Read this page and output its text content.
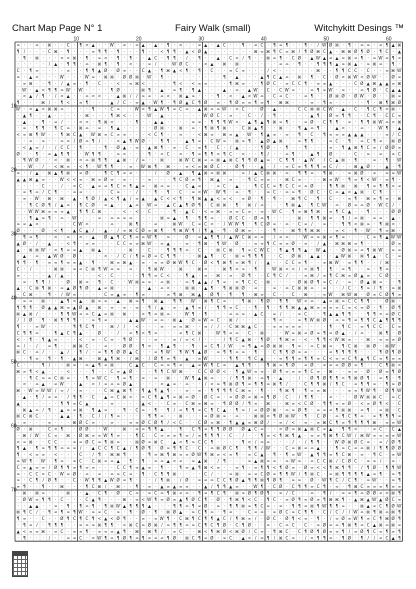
Chart Map Page N° 1	Fairy Walk (small)	Witchykitt Desings ™
10	20	30	40	50	60
10
20
30
40
50
60
70
∞ · · ∞ · ⌘ · · C · ¶ < ▲ · · Ⱳ · ∞ · ∞ ▲ · ▲ · ¶ · < · · ∞ ▲ · ▲ C · · ¶ · ∞ C · ¶ ∞ ¶ · · ¶ · / Ⱳ Ø ⌘ · ¶ · ∞ ∞ · ∞ ¶ ▲ ⌘
¶ / · · · C ⌘ · ¶ · · · ∞ ¶ ¶ · ¶ · · · ¶ · · < ¶ ¶ · ▲ < Ø ▲ · · · · · · · ⌘ ∞ ⌘ ¶ C ∞ ⌘ / ¶ Ø ⌘ C ▲ · ⌘ ⌘ Ø ¶ Ø · ¶ C · ▲
· ¶ · ⌘ · · · < < ⌘ · ¶ · ∞ < · ¶ · ¶ · · ▲ C · ¶ ¶ · / · ¶ · · ▲ · C < / ¶ · · ⌘ ∞ ¶ · C Ø · ▲ Ⱳ ▲ ∞ ▲ ∞ ⌘ ∞ ¶ · ∞ Ⱳ ∞ ¶ <
· · · · · / ▲ · ¶ ¶ · ∞ · ⌘ ¶ · ¶ · < · · ∞ / · · Ⱳ Ø C · · < ▲ · ⌘ · ⌘ · · · · · · ∞ ∞ · ¶ · · ¶ ¶ ¶ ▲ ∞ ⌘ ▲ · ∞ ⌘ ∞ · ¶ ·
C · ¶ ∞ · · · · ∞ · · ¶ ¶ ▲ Ø · Ø ∞ · · C ▲ · ¶ ⌘ ▲ < ¶ · ¶ · C · · ∞ C ∞ · · · / < · · · · · · ⌘ · · ¶ ¶ C C · C · · ∞ ⌘ Ⱳ
∞ · ▲ < · · · Ⱳ · · · Ⱳ ∞ · ⌘ ⌘ · Ø Ø ⌘ · Ⱳ · ¶ · · · · · · · · · ¶ · ▲ · · · ▲ ¶ C ▲ ∞ · ⌘ · ¶ · C · Ø < ⌘ Ⱳ < Ø Ⱳ · · Ø ∞
· ∞ ⌘ · · ¶ · / ▲ ∞ · ¶ · C · · < · ∞ ⌘ < · · · · ¶ < · < ∞ ∞ · · · ¶ ⌘ ∞ · · ¶ Ø C · ∞ C C ¶ · ∞ ∞ ▲ · · · C Ø ▲ ⌘ ▲ ▲ ∞ ⌘
· Ⱳ · ▲ < ¶ ¶ ∞ Ⱳ · Ⱳ · · · · ¶ Ø · · · ⌘ ¶ · ▲ · ∞ ¶ · ¶ ▲ · · · ▲ · ∞ · ▲ Ⱳ · C · C Ⱳ ∞ · · ∞ ¶ ∞ Ⱳ · ∞ · · ∞ ¶ Ø · C ▲ ▲
· < ▲ / ¶ · / < ▲ · · ∞ < < · · ▲ ⌘ / / ∞ ∞ · ∞ < · ⌘ ▲ ∞ · · · ¶ · < · ▲ < Ⱳ ∞ · C ∞ C · · ∞ ¶ · · Ø ⌘ Ø · Ø Ⱳ · Ø · · ⌘ ∞
¶ · · · ⌘ / · ¶ < · ∞ ¶ · · · ▲ / C · ∞ ▲ · Ⱳ ¶ · ¶ Ø ▲ C ¶ Ø · ∞ · ¶ Ø ∞ ∞ ¶ ∞ ¶ · ⌘ ⌘ · · · ∞ · ¶ ∞ · · · · · ¶ · ⌘ ¶ ⌘ Ø
Ⱳ · < ▲ < ⌘ ⌘ ∞ · · · · ¶ · · C ∞ · · Ⱳ < ¶ ▲ Ⱳ ¶ ∞ C ∞ · ▲ ⌘ ∞ ∞ Ⱳ · < C · · Ø · ▲ · · · C C ⌘ ⌘ C Ⱳ · ▲ · C · ¶ C ¶ < ⌘ ·
· ▲ ¶ · · ▲ · · · · · ⌘ · · · ¶ ⌘ < · · · Ⱳ · ▲ · · · · · · Ⱳ Ø C · ∞ · · C · / · ¶ · · · · · ▲ ¶ · Ø ∞ ¶ ¶ · · C ¶ · C C ∞
· ▲ · · ¶ · ∞ / · · < < · ¶ ⌘ < · · · ¶ · · ▲ ▲ · · · · ∞ ∞ · ¶ ¶ ¶ Ⱳ < · ▲ ¶ ▲ ¶ ⌘ ∞ ¶ · · ∞ Ø · C ¶ ¶ · ∞ · ¶ ¶ ⌘ Ⱳ ∞ < ⌘
· ∞ · ¶ ¶ · ¶ C ∞ · ⌘ ∞ · ∞ · ¶ ▲ · · · · · Ø ⌘ · · ⌘ · ∞ · ¶ ⌘ ¶ ⌘ · · C ⌘ ▲ ¶ · · ⌘ · · ¶ ▲ ∞ ¶ · · ▲ < · · ∞ · · Ⱳ ¶ · ▲
< ∞ ⌘ ¶ Ⱳ · · ¶ ⌘ C ▲ · Ⱳ ⌘ ∞ C ∞ ∞ · · · < C ¶ · · ∞ · · < ⌘ ∞ · ⌘ ∞ ▲ · Ⱳ · ¶ ▲ ∞ · ∞ · ¶ · C · ¶ ∞ ∞ ∞ ▲ ▲ ▲ · · · ∞ / C
· · ∞ · ∞ · · ∞ < / Ø ∞ ¶ / · · < ▲ ¶ Ⱳ Ø · · ¶ ¶ · · ▲ ¶ ∞ · C Ⱳ ∞ · ⌘ ∞ ¶ · ▲ Ø ▲ ⌘ · · ∞ ¶ ¶ · · ∞ C · ¶ · ∞ C ¶ ∞ · ⌘ Ø
· < ▲ ∞ / · / C C · ¶ · · · ¶ · Ø ▲ · ∞ · ▲ ⌘ ¶ · ∞ · C · ∞ ¶ · C · / ▲ · · · ¶ Ø · · ¶ · · ¶ · · · ∞ · ¶ ▲ ⌘ ¶ C ∞ / Ø Ø ∞
Ø · · ¶ · ∞ ▲ ¶ ¶ · · Ⱳ ¶ ¶ · · ∞ < · · · ¶ · < C · < · ¶ ∞ ¶ ¶ < ¶ C · < · · ¶ / · · ∞ ¶ · · ▲ ¶ · Ø · · · C · ∞ · ∞ · ∞ C
· ¶ Ⱳ Ø · · < · ⌘ · < ∞ ⌘ ¶ ¶ · ▲ ⌘ · / ∞ · · ⌘ · · ⌘ Ⱳ C ⌘ ∞ ∞ ⌘ ▲ ⌘ C ¶ ¶ Ø ▲ ∞ · C ¶ ¶ · ▲ Ⱳ · / C ▲ ⌘ · ¶ · · ∞ · ¶ · Ⱳ
· · Ⱳ · / · < ⌘ ∞ · < ¶ · Ⱳ ¶ ¶ · · ∞ · Ⱳ ⌘ ¶ · ⌘ · · ∞ < ∞ ⌘ Ø C · · Ø ¶ · · ▲ · / · ∞ C ∞ ¶ ¶ ¶ ∞ C / · · ⌘ ▲ Ø · · ▲ · ¶
∞ · / ▲ · ⌘ ▲ ¶ ⌘ · ∞ Ø · · ¶ C ¶ ∞ ∞ · · · / · Ø · ▲ · ¶ ▲ ⌘ ∞ ⌘ ⌘ · · ∞ / ▲ C ⌘ ⌘ · ∞ · ¶ ¶ ∞ · ¶ ⌘ · · ∞ ⌘ Ø · ∞ · ∞ ∞ Ⱳ
▲ ▲ ⌘ ▲ ∞ · · Ⱳ < < ∞ · ⌘ ∞ Ø ∞ · ∞ · · · ∞ · · · ¶ C Ø ∞ ¶ · ⌘ ▲ · ∞ · · ¶ C ∞ ∞ · · ⌘ C ∞ · · · ⌘ ∞ Ⱳ · ¶ ∞ ¶ < Ⱳ · ∞ ¶ ·
· · · · C · · / · < C · ▲ ∞ ∞ ¶ C < ¶ ▲ ∞ · ⌘ ∞ ∞ · · C ▲ ∞ · · ∞ C · ▲ · · ¶ C C ∞ ¶ C C < ∞ Ø · · ¶ ¶ ⌘ · ⌘ · ¶ ∞ ¶ ¶ < ∞
· ∞ ¶ ∞ / C ¶ · · ∞ ∞ · · · · C ∞ · · / · · ¶ · ¶ · C · ∞ < Ⱳ · Ⱳ ¶ · ∞ · ¶ · · ∞ C · ∞ ∞ ¶ · Ø C · C ∞ ▲ < ▲ ⌘ · C ¶ · · ·
· ∞ · Ⱳ · ⌘ · ⌘ · ▲ · ¶ Ø / ▲ < ¶ ▲ / ∞ ▲ · ▲ C < < ¶ · ¶ ⌘ ▲ ▲ < ∞ < · ∞ Ø · ¶ · ¶ · · ⌘ ¶ C · ¶ · C · · ∞ ¶ · ⌘ ∞ ¶ ∞ · ⌘
· · ¶ C Ø ¶ / ▲ ∞ · ¶ C Ø · ∞ ▲ · · ▲ ∞ · Ⱳ ∞ · ▲ C ▲ ¶ Ø ¶ · C ⌘ ⌘ · ¶ · ⌘ / ∞ · · · ¶ ⌘ ▲ · ¶ C Ⱳ · ∞ · Ø ∞ ∞ Ø · Ⱳ C / ·
· · Ⱳ Ⱳ ⌘ ∞ ∞ ∞ ▲ · ¶ ¶ C ⌘ · · · < · < · C · · · ¶ · ▲ C · < ∞ ⌘ · ∞ ∞ C ∞ · ∞ · Ⱳ C · ¶ ∞ ⌘ ¶ ⌘ · ∞ ¶ C ▲ · · ¶ · · · Ø Ø
· · ¶ ▲ ∞ ¶ · ∞ · Ⱳ · · · ∞ · ∞ ∞ ∞ ∞ · · · · ⌘ ∞ ▲ · ¶ · ¶ ¶ ∞ · · Ø C C · Ø ∞ ¶ · · · · ⌘ · ¶ ¶ ⌘ ∞ · ¶ / ∞ ⌘ · ∞ ∞ · ▲ ·
∞ ∞ ▲ < · · · · · C Ⱳ < · · · ∞ · · ⌘ ¶ · · ∞ · · ⌘ Ⱳ · C ∞ C < · / Ⱳ Ⱳ ¶ · ¶ C Ø ∞ · ∞ · C ∞ / · ∞ · · ¶ ¶ < ⌘ ∞ · ¶ ⌘ < ·
Ø · · · Ø · < ¶ · ▲ C ▲ / · ▲ · / ∞ ⌘ C Ø ∞ ⌘ ¶ · ¶ ⌘ Ⱳ ¶ / ¶ ▲ · ¶ · Ø ⌘ ∞ · · · ¶ · · ⌘ ¶ ¶ ⌘ ⌘ · · ∞ < · ¶ · Ⱳ · ¶ ∞ ⌘ ·
· ¶ ∞ ¶ · · < · ∞ · < · ▲ · Ø ▲ ¶ C ¶ ∞ ∞ Ⱳ ¶ · ∞ · · Ø · ∞ ▲ ¶ ¶ / ▲ Ⱳ C ⌘ ∞ ∞ · / ∞ ∞ · · Ⱳ ∞ ∞ ⌘ ∞ ¶ ∞ · · · C ∞ ¶ ▲ Ⱳ Ⱳ
▲ Ø · / · ▲ · · < ¶ · ∞ ∞ · · · C C ∞ ∞ ⌘ Ⱳ · ∞ ▲ · · ∞ · ¶ ⌘ · ¶ Ⱳ · Ø · · ∞ ∞ ¶ C ∞ ∞ Ø · ∞ · / ▲ · ⌘ ⌘ ⌘ ∞ ¶ · · · · Ø ∞
▲ · ⌘ ⌘ Ⱳ · < ¶ ∞ ∞ ▲ · ⌘ ▲ · · · · ⌘ · · C · · ¶ ¶ ¶ ∞ · C · · ⌘ C ⌘ · ¶ ∞ C Ⱳ C · ¶ ▲ ¶ ¶ ▲ · Ⱳ ▲ · · Ø ⌘ ∞ ∞ ¶ ⌘ Ⱳ · ∞ ∞
· ▲ · ∞ · ▲ Ⱳ Ø · Ø · · · · < · / C / ¶ ∞ Ø ∞ C ¶ ¶ · · · ⌘ ▲ ¶ · C · ⌘ ∞ ¶ ¶ ¶ · · C · Ø ⌘ · ▲ ▲ · · ▲ Ⱳ ⌘ · ⌘ ¶ ▲ · C · ∞
¶ ¶ · ¶ · ∞ ∞ ¶ ∞ ∞ ▲ · ¶ · · ⌘ ∞ ⌘ ▲ · ∞ · ∞ ∞ Ø ⌘ Ⱳ ¶ C · Ø < ¶ ⌘ ¶ ∞ ⌘ ¶ / · ▲ · · C C ∞ ¶ · · ∞ ⌘ Ⱳ · ∞ ¶ ¶ · · / ⌘ · ·
C · / · · · ⌘ ⌘ · ∞ ∞ C ⌘ ¶ Ⱳ ∞ ∞ · ∞ · · ¶ ⌘ Ⱳ · · ⌘ · · ⌘ < · · ⌘ ¶ < ∞ · ¶ · · Ⱳ ⌘ < < / < ⌘ ¶ · ¶ · ∞ ¶ · · ∞ · ¶ ∞ · ·
∞ · · · · ▲ / ▲ · · · · · < · C · · · · ¶ ¶ ∞ C < · · ¶ ▲ · ∞ · ⌘ · ∞ · Ø ¶ · · C ¶ C / · · ∞ ⌘ / ∞ ¶ C ⌘ ∞ Ø ▲ ∞ · C Ø · ·
· ∞ · ¶ ¶ / · · Ø · ⌘ ∞ · ¶ · C · · Ⱳ ⌘ ∞ ∞ · ∞ ⌘ · · ∞ ¶ ▲ ▲ / ¶ ∞ · < ¶ C C · ⌘ · · · · Ø ⌘ Ø ¶ ∞ C / · ∞ · Ø ▲ ⌘ ∞ · · ¶
▲ · C ⌘ ¶ ⌘ · ∞ ▲ Ø ¶ Ø · ▲ ∞ ⌘ · · · · · ▲ · ∞ < · · ⌘ ⌘ · ▲ ¶ · ¶ ⌘ ⌘ Ø · ∞ · · ∞ · ∞ C ⌘ ⌘ ∞ · ∞ · · / C · ¶ ∞ / ¶ · ∞ ⌘
· C ⌘ · · ¶ · / Ⱳ ∞ · · · · C ∞ ▲ ∞ · ¶ ∞ · · · ∞ ¶ ⌘ · ⌘ ▲ · Ø ¶ · ¶ · ¶ · ⌘ ∞ · C · · C · ⌘ · · ∞ Ⱳ · ⌘ Ⱳ ⌘ · Ø ∞ C Ø ¶ ∞
· ∞ ∞ · ⌘ · · ▲ ¶ < ▲ · ⌘ ∞ ∞ · ▲ · ⌘ ∞ ¶ · ⌘ ▲ · ¶ ¶ · Ⱳ · ⌘ ¶ C ∞ · · ¶ ⌘ · ¶ Ø · ¶ ¶ · Ⱳ < ∞ · ▲ ∞ ⌘ ∞ C C ¶ ¶ · · Ø ⌘ ·
¶ ¶ ¶ · Ø ▲ ▲ ⌘ ∞ ▲ Ø ▲ · ⌘ · ∞ · ∞ · ∞ · ¶ / ▲ · ∞ · ▲ ¶ ∞ / · ¶ ¶ ∞ C · · ¶ · ¶ · ¶ ¶ ⌘ ▲ ▲ ⌘ ∞ ∞ ∞ ∞ C ∞ < ∞ Ø · ¶ · Ø ¶
⌘ ▲ ⌘ / · · · ¶ ¶ Ⱳ ∞ ∞ C ▲ ∞ ⌘ · ⌘ · · < ¶ ∞ ⌘ ∞ · · Ⱳ ¶ · ¶ · · · ∞ ∞ ∞ · ▲ C · ∞ / · · ∞ C · · ¶ ▲ ▲ ¶ ¶ · · ¶ ¶ < ∞ Ø C
/ / Ø · ¶ · ⌘ ¶ ¶ ¶ · · ∞ ¶ ∞ · · · ▲ ▲ Ⱳ · ∞ ∞ · ⌘ ▲ · Ø ∞ Ⱳ ∞ C · ⌘ / · · · · · ¶ < · · ∞ ¶ Ⱳ ⌘ Ø · ∞ ∞ ¶ ∞ ¶ ¶ C ▲ ¶ ¶ ¶
¶ · · ∞ Ⱳ · · · · ¶ ¶ C ¶ · · ⌘ / / · < · · · ∞ · ∞ ∞ ⌘ · · ∞ / / · C ⌘ ⌘ ▲ C · · ∞ ∞ ∞ ∞ ∞ · · · · ¶ · ¶ C · ∞ ¶ C C · C ∞
C ¶ ¶ ∞ · · ¶ ▲ C ¶ ▲ · · Ø · · / · ∞ ¶ < ¶ ∞ · · · ∞ ¶ C ⌘ · · Ⱳ ¶ ∞ ∞ · C · ⌘ · · · Ⱳ ∞ ⌘ ∞ Ø ∞ ¶ ∞ Ø ▲ · / ∞ · · ⌘ ¶ · Ø
< · ¶ · ¶ ▲ ∞ · · · < · ∞ · C ∞ · ¶ Ø · · · ∞ · · ∞ / ∞ < / · · · / ¶ C ▲ ⌘ · ¶ Ø · ¶ ⌘ ∞ · < · ¶ ¶ < Ⱳ ⌘ ∞ · · ⌘ · ∞ ∞ ∞ Ø
∞ / · / · ∞ ¶ · · ⌘ ⌘ C · · ∞ · · Ø Ø · ¶ < · ¶ ▲ ¶ · · ¶ · ∞ C ¶ / Ⱳ · ∞ ¶ ▲ ∞ Ø ⌘ ⌘ · ¶ ∞ · ∞ C ⌘ ∞ · ¶ C ⌘ · ⌘ Ø · ⌘ Ⱳ ·
⌘ C · ∞ / · · ▲ / · ¶ / · ∞ ¶ ¶ Ø Ø ▲ C · · ∞ ¶ Ⱳ · ¶ Ⱳ ¶ ▲ Ø · ∞ ¶ ¶ ∞ ∞ · ¶ · · C ¶ ¶ Ø ∞ ∞ · · · ∞ ¶ ¶ ¶ ¶ · · · ¶ Ø ¶ Ø
· · ¶ ∞ · ¶ · ¶ · ▲ ⌘ · · ⌘ ▲ ¶ ⌘ · / ⌘ · / Ø ¶ ∞ ¶ · ▲ · ∞ Ⱳ · · · ¶ ¶ · ¶ C ▲ · · ∞ ¶ ¶ ∞ ¶ ¶ ∞ C < ∞ ∞ C ¶ ▲ ¶ C ∞ ¶ ∞ ∞
C · · · ¶ / · · ⌘ ∞ · ∞ ▲ ¶ ∞ ⌘ · · C ▲ C · C ∞ ∞ ¶ ∞ · ▲ ∞ Ⱳ ¶ C ∞ · ▲ ¶ ¶ · · ¶ ⌘ ∞ ¶ Ø · ∞ Ø · ∞ ∞ ∞ Ø Ø ∞ ¶ · · C ¶ ⌘ <
⌘ ∞ ¶ < ▲ · · · < · · · ¶ · · C ∞ ▲ Ø · · · ¶ ¶ C Ⱳ ⌘ · · C C Ø Ø < · ¶ ▲ Ⱳ ∞ ∞ · Ø ¶ ∞ ∞ ∞ ¶ C ∞ · ⌘ · · ∞ ∞ · Ø · Ø ∞ ¶ Ø
· · ¶ C ∞ ∞ C ⌘ ∞ · · ¶ ∞ Ⱳ C · ¶ ∞ ¶ · ∞ · ∞ · ⌘ · · Ⱳ ¶ ▲ ⌘ ∞ · · / ¶ ¶ ⌘ · ∞ ¶ · ▲ · · / · Ø ¶ Ø ¶ ¶ < ¶ ⌘ Ø ¶ · ∞ ¶ · ¶
· < · ∞ ▲ · ∞ Ⱳ · · ▲ · < / ∞ ∞ ∞ Ø ▲ · · · · < ▲ ∞ · ∞ · · / < ∞ ¶ ⌘ Ø ¶ ∞ ¶ ¶ ∞ ⌘ ¶ / · · C ¶ ¶ ⌘ / ¶ C · ∞ ¶ ¶ ∞ · ¶ ∞ Ø
⌘ · Ⱳ ∞ Ⱳ Ⱳ / ∞ / · ∞ · · · C ⌘ ▲ ⌘ ¶ · ¶ ▲ ¶ ▲ ¶ · · ∞ · ∞ · ¶ ¶ ¶ ¶ C ⌘ ∞ · ¶ · · ¶ ⌘ ¶ · ¶ ∞ ∞ ⌘ · · · ∞ ∞ ¶ Ⱳ ¶ · Ø ¶ Ⱳ
· ▲ · ¶ / ∞ ∞ · / ¶ ¶ · C · ▲ ∞ C ⌘ < · < C ¶ ▲ ¶ ∞ ⌘ ∞ Ø · Ø C ∞ · ∞ Ø Ø ∞ ⌘ ∞ ¶ Ø · C · / ¶ ¶ · · ∞ · · · Ø Ⱳ ⌘ ⌘ C · ∞ C
▲ · · · · · · ¶ ¶ ∞ C ▲ · · · ∞ · · · · ▲ < · · C ∞ · C ⌘ ∞ ⌘ ∞ · ¶ Ø Ø / ¶ ∞ · ⌘ · · ⌘ ∞ < C Ø · ¶ ¶ ∞ ∞ Ø · < ∞ Ø ¶ < · C
· ⌘ ▲ ∞ / ¶ · ▲ ∞ ∞ ⌘ · ¶ ▲ ∞ · · ¶ · C ∞ · ¶ · ¶ / ∞ ¶ ¶ ∞ C ¶ C ▲ · ¶ ∞ / ∞ Ø Ø ⌘ · ∞ ∞ Ø ¶ · ∞ ∞ ∞ ¶ ⌘ ⌘ · ∞ ¶ · ∞ ⌘ · C
⌘ C ⌘ C · · · ▲ ▲ · ¶ · C / / ¶ ∞ · · · · ¶ ¶ ∞ · · ⌘ · · · ∞ Ø ⌘ ∞ · ∞ · · ⌘ ⌘ < ¶ Ø ⌘ Ⱳ · ¶ · C Ø · ∞ ¶ C ¶ ∞ · ∞ ¶ ¶ ¶ ∞
· ∞ · · · ∞ · · · ⌘ Ø C ∞ · · ∞ · · ∞ ∞ Ø C Ø ¶ / < C · · C Ø ∞ ⌘ · ¶ ▲ ▲ ∞ ⌘ Ø / · ∞ / < · ∞ · ∞ ⌘ C ¶ ∞ ¶ ¶ ¶ ¶ ⌘ · ∞ ∞ Ⱳ
Ø · ⌘ · · C < ¶ · · Ø Ø · · Ⱳ · · ⌘ · ∞ ∞ ¶ ¶ ▲ · · ¶ · C ¶ ∞ ¶ ¶ Ø Ø · Ø ▲ C ∞ · · < Ø ∞ ⌘ ▲ ⌘ C ∞ ▲ · ¶ ¶ < · · ∞ C · C ▲
· ⌘ / Ⱳ · C ∞ · ⌘ · Ø ⌘ ∞ ∞ Ⱳ ¶ ∞ · · ¶ C · C ∞ ∞ ∞ ¶ ∞ / ∞ ¶ ¶ ¶ · C · / · · ¶ ∞ < ¶ ⌘ ¶ ▲ · ∞ ∞ ¶ ⌘ ¶ C Ⱳ / ⌘ Ⱳ ∞ ∞ ∞ ∞ Ⱳ
< ∞ ⌘ · · C C · · ∞ ∞ Ø C ∞ ¶ ⌘ ∞ · · ⌘ Ø ∞ ⌘ C · ▲ < ¶ ∞ C C ¶ · · · · ¶ < / ∞ ∞ · · · / · / ¶ ¶ · · Ⱳ Ø ⌘ Ø C ∞ · ∞ / Ø ¶
¶ ▲ · ¶ ∞ ¶ ¶ ∞ ∞ ∞ / · ▲ C C ¶ C ▲ / ¶ Ø ¶ · Ø ∞ ¶ ¶ C · C · ∞ ⌘ Ø C ¶ · ¶ ¶ / Ⱳ · · C ∞ ⌘ ∞ ∞ ▲ · · ¶ ∞ C ∞ ∞ ⌘ / ¶ ¶ Ø Ø
¶ · < ∞ ∞ · < · · · C · / ¶ · ⌘ ⌘ ¶ · · · ¶ ∞ ⌘ ¶ ⌘ ∞ ∞ Ø Ⱳ ¶ ⌘ ∞ < ∞ ¶ · ∞ C ▲ · ¶ · ¶ ∞ Ⱳ · ▲ ¶ ¶ ∞ ¶ C ⌘ · ∞ · ¶ C · ∞ Ⱳ
∞ Ⱳ ¶ · Ⱳ · ¶ ∞ · ∞ C · C ⌘ ∞ ∞ ▲ · ¶ · ¶ · ∞ ∞ ▲ < ∞ · ∞ ▲ ⌘ · / ¶ · · · ∞ ▲ ⌘ ∞ ∞ · ∞ Ⱳ ∞ · ∞ C C ⌘ / C Ø C · ∞ ∞ / · ∞ ·
C ∞ ▲ ∞ ∞ / Ø ¶ ¶ ∞ ¶ ∞ ∞ · · · C C ¶ ∞ ▲ ∞ · ¶ · · ¶ ∞ ▲ ¶ ⌘ < ∞ · · ∞ ¶ · ∞ ¶ ¶ < ¶ Ø ∞ · Ø ∞ < < ¶ ⌘ ¶ ¶ · / ¶ Ø · ¶ ¶ Ⱳ
∞ · C C < C · Ⱳ ∞ Ø · ∞ · ∞ · ∞ ∞ C ∞ · ¶ · C ¶ ¶ ⌘ · · · · C / · · ∞ ⌘ · ∞ ∞ C Ø ∞ ¶ ¶ Ⱳ / ¶ ⌘ C · ∞ ⌘ ¶ ¶ ¶ ¶ ▲ ∞ ¶ · ∞ ¶
∞ · C ¶ / Ø ¶ · · C · Ⱳ ¶ ¶ ▲ Ⱳ Ø ∞ ¶ · · · / ¶ ⌘ · / Ø · ∞ ∞ ∞ C C ¶ Ø ▲ ¶ ¶ ⌘ ¶ Ø ¶ · ∞ ∞ · Ø · Ⱳ ¶ C / C ¶ · ∞ Ⱳ · · ∞ ¶
∞ ¶ · · ¶ · · ⌘ · · · ¶ C ⌘ / · ⌘ · · ¶ · ∞ · ▲ ∞ ▲ ∞ ∞ · · ▲ / ¶ ¶ ▲ ∞ · · Ⱳ ¶ · C Ø · C ¶ ¶ ∞ C ¶ · ∞ · ¶ ⌘ C ∞ ∞ ∞ ¶ ∞ ∞
· ⌘ · ⌘ ∞ · · · ⌘ · · ▲ · C ¶ · Ø · C ∞ · ∞ C ∞ ¶ ⌘ ∞ ∞ · ¶ ∞ ¶ C ¶ · ⌘ ∞ Ø ¶ Ø ¶ · ∞ / C · · ∞ · ¶ / · ∞ ∞ ¶ ∞ Ø Ø ∞ < ⌘ ¶
· Ø Ⱳ ∞ ¶ ¶ · C · · · C ▲ ¶ · · · ⌘ · ∞ < Ⱳ ¶ ∞ Ø ∞ ▲ ¶ Ø C ¶ · Ø · ¶ ⌘ ¶ < C · ¶ C · ∞ Ø ¶ ∞ Ø ∞ ¶ ⌘ ⌘ ¶ · ▲ ⌘ ▲ Ⱳ ▲ Ø C ∞
· · ▲ ▲ · · ∞ · ¶ · ¶ ∞ ¶ · ¶ ⌘ Ⱳ ▲ ¶ ¶ ¶ ▲ · · · ¶ ¶ ∞ ¶ ∞ Ø · ∞ · ¶ ¶ ⌘ ∞ ¶ C ∞ · ∞ · ¶ ¶ ∞ ⌘ ¶ Ⱳ ¶ ¶ ∞ · · ⌘ ▲ ∞ C ¶ Ø Ⱳ
⌘ ¶ C / · ¶ ∞ ¶ ∞ ¶ Ⱳ · ∞ ∞ C · ∞ · ¶ · Ø · ¶ · ⌘ Ø ▲ · ∞ C ¶ ∞ · ¶ ∞ · · C ∞ ∞ · ∞ Ø C ∞ C ¶ ¶ · C / C / / Ⱳ ∞ ⌘ ¶ ⌘ ∞ ⌘ ¶
¶ ∞ · · C · · Ø ¶ C ¶ C ¶ < ▲ < Ø ¶ · · ∞ · ∞ Ⱳ ¶ · C ⌘ ¶ C ¶ ¶ ▲ C / ¶ ⌘ ∞ / · Ø C · Ø ¶ < ∞ · ¶ · / ∞ Ø ∞ Ⱳ ¶ ∞ C ¶ ⌘ Ø ¶
· ¶ ∞ / · ¶ ¶ ¶ · · ∞ ∞ ∞ ⌘ ¶ ¶ · < ⌘ C ∞ Ø ⌘ / ∞ ¶ ¶ ∞ ∞ C ¶ C ¶ Ø · C ¶ Ø · · ∞ · C ∞ C · C · ∞ Ø ∞ ∞ ¶ ⌘ ¶ ∞ C ▲ ⌘ ∞ ⌘ ∞
▲ < ∞ ∞ ⌘ · ∞ C · ∞ ∞ ¶ · ∞ ∞ ∞ ▲ ¶ · ⌘ · ⌘ ¶ / · ∞ C · · ⌘ < ¶ ⌘ Ø < ⌘ Ø / C ∞ · ¶ ⌘ C · C ¶ Ø ¶ Ø ∞ ∞ ¶ / ∞ Ø ¶ C ∞ ¶ ∞ ¶
· ¶ · · · / · · ∞ ∞ C · < Ⱳ ¶ ∞ ¶ Ø ¶ ∞ ¶ ∞ ∞ ∞ ¶ Ø · ⌘ C ¶ ∞ Ø · ∞ C · ▲ < / ∞ ¶ / ⌘ C ∞ · / < ¶ ¶ ∞ · ¶ Ø · ¶ / / ∞ C ▲ ¶
